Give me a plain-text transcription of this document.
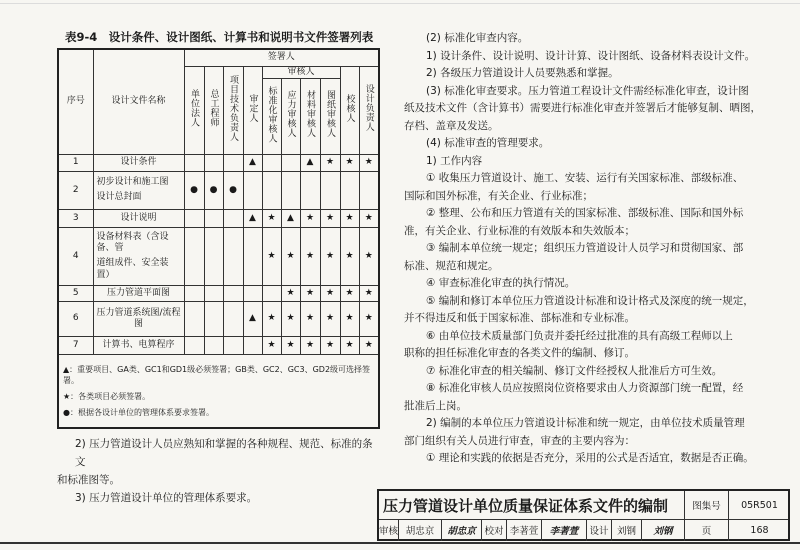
表9-4　设计条件、设计图纸、计算书和说明书文件签署列表
序号	设计文件名称	签署人									
		单位法人	总工程师	项目技术负责人	审定人	审核人				校核人	设计负责人
						标准化审核人	应力审核人	材料审核人	图纸审核人		
1	设计条件				▲			▲	★	★	★
2	初步设计和施工图
设计总封面	●	●	●							
3	设计说明				▲	★	▲	★	★	★	★
4	设备材料表（含设备、管
道组成件、安全装置）					★	★	★	★	★	★
5	压力管道平面图						★	★	★	★	★
6	压力管道系统图/流程图				▲	★	★	★	★	★	★
7	计算书、电算程序					★	★	★	★	★	★

▲：重要项目、GA类、GC1和GD1级必须签署；GB类、GC2、GC3、GD2级可选择签署。
★：各类项目必须签署。
●：根据各设计单位的管理体系要求签署。											
2) 压力管道设计人员应熟知和掌握的各种规程、规范、标准的条文
和标准图等。
3) 压力管道设计单位的管理体系要求。
(2) 标准化审查内容。
1) 设计条件、设计说明、设计计算、设计图纸、设备材料表设计文件。
2) 各级压力管道设计人员要熟悉和掌握。
(3) 标准化审查要求。压力管道工程设计文件需经标准化审查，设计图
纸及技术文件（含计算书）需要进行标准化审查并签署后才能够复制、晒图，
存档、盖章及发送。
(4) 标准审查的管理要求。
1) 工作内容
① 收集压力管道设计、施工、安装、运行有关国家标准、部级标准、
国际和国外标准，有关企业、行业标准；
② 整理、公布和压力管道有关的国家标准、部级标准、国际和国外标
准，有关企业、行业标准的有效版本和失效版本；
③ 编制本单位统一规定；组织压力管道设计人员学习和贯彻国家、部
标准、规范和规定。
④ 审查标准化审查的执行情况。
⑤ 编制和修订本单位压力管道设计标准和设计格式及深度的统一规定，
并不得违反和低于国家标准、部标准和专业标准。
⑥ 由单位技术质量部门负责并委托经过批准的具有高级工程师以上
职称的担任标准化审查的各类文件的编制、修订。
⑦ 标准化审查的相关编制、修订文件经授权人批准后方可生效。
⑧ 标准化审核人员应按照岗位资格要求由人力资源部门统一配置，经
批准后上岗。
2) 编制的本单位压力管道设计标准和统一规定，由单位技术质量管理
部门组织有关人员进行审查，审查的主要内容为：
① 理论和实践的依据是否充分，采用的公式是否适宜，数据是否正确。
压力管道设计单位质量保证体系文件的编制	图集号	05R501
审核 胡忠京	胡忠京 校对 李著萱	李著萱	设计 刘钢	刘钢	页	168
